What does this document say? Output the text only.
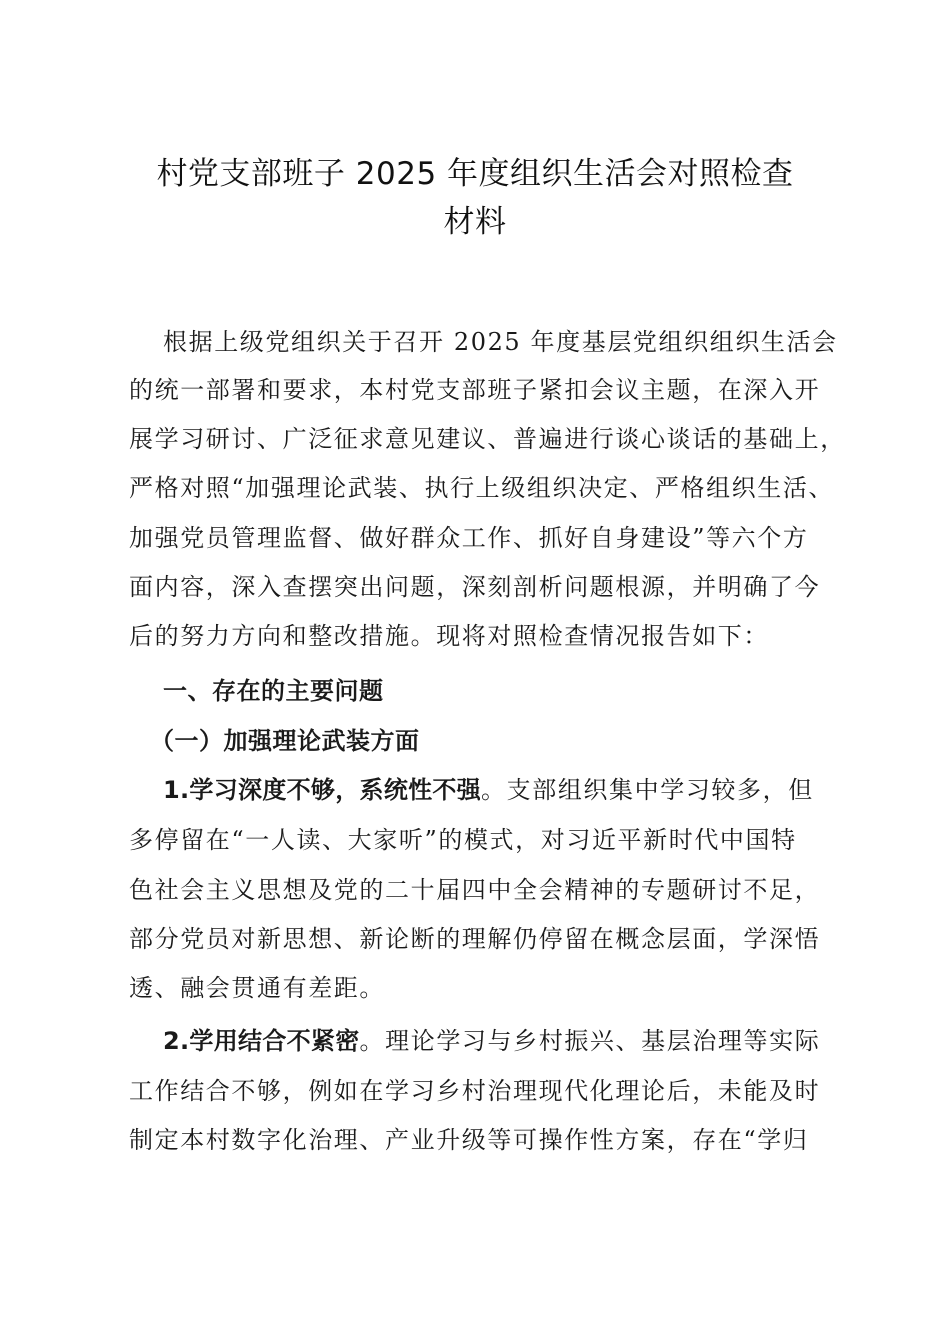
村党支部班子 2025 年度组织生活会对照检查
材料
根据上级党组织关于召开 2025 年度基层党组织组织生活会
的统一部署和要求，本村党支部班子紧扣会议主题，在深入开
展学习研讨、广泛征求意见建议、普遍进行谈心谈话的基础上，
严格对照“加强理论武装、执行上级组织决定、严格组织生活、
加强党员管理监督、做好群众工作、抓好自身建设”等六个方
面内容，深入查摆突出问题，深刻剖析问题根源，并明确了今
后的努力方向和整改措施。现将对照检查情况报告如下：
一、存在的主要问题
（一）加强理论武装方面
1.学习深度不够，系统性不强。支部组织集中学习较多，但
多停留在“一人读、大家听”的模式，对习近平新时代中国特
色社会主义思想及党的二十届四中全会精神的专题研讨不足，
部分党员对新思想、新论断的理解仍停留在概念层面，学深悟
透、融会贯通有差距。
2.学用结合不紧密。理论学习与乡村振兴、基层治理等实际
工作结合不够，例如在学习乡村治理现代化理论后，未能及时
制定本村数字化治理、产业升级等可操作性方案，存在“学归
